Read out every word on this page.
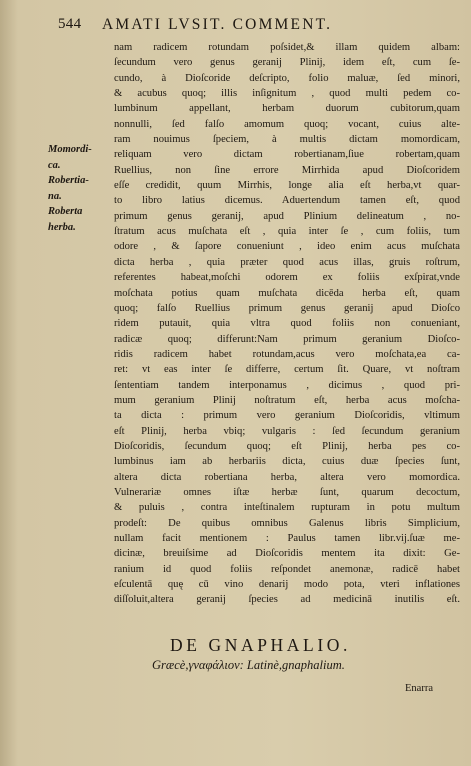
544 AMATI LVSIT. COMMENT.
Momordi-
ca.
Robertia-
na.
Roberta
herba.
nam radicem rotundam poſsidet,& illam quidem albam:
ſecundum vero genus geranij Plinij, idem eſt, cum ſe-
cundo, à Dioſcoride deſcripto, folio maluæ, ſed minori,
& acubus quoq; illis inſignitum , quod multi pedem co-
lumbinum appellant, herbam duorum cubitorum,quam
nonnulli, ſed falſo amomum quoq; vocant, cuius alte-
ram nouimus ſpeciem, à multis dictam momordicam,
reliquam vero dictam robertianam,ſiue robertam,quam
Ruellius, non ſine errore Mirrhida apud Dioſcoridem
eſſe credidit, quum Mirrhis, longe alia eſt herba,vt quar-
to libro latius dicemus. Aduertendum tamen eſt, quod
primum genus geranij, apud Plinium delineatum , no-
ſtratum acus muſchata eſt , quia inter ſe , cum foliis, tum
odore , & ſapore conueniunt , ideo enim acus muſchata
dicta herba , quia præter quod acus illas, gruis roſtrum,
referentes habeat,moſchi odorem ex foliis exſpirat,vnde
moſchata potius quam muſchata dicēda herba eſt, quam
quoq; falſo Ruellius primum genus geranij apud Dioſco
ridem putauit, quia vltra quod foliis non conueniant,
radicæ quoq; differunt:Nam primum geranium Dioſco-
ridis radicem habet rotundam,acus vero moſchata,ea ca-
ret: vt eas inter ſe differre, certum ſit. Quare, vt noſtram
ſententiam tandem interponamus , dicimus , quod pri-
mum geranium Plinij noſtratum eſt, herba acus moſcha-
ta dicta : primum vero geranium Dioſcoridis, vltimum
eſt Plinij, herba vbiq; vulgaris : ſed ſecundum geranium
Dioſcoridis, ſecundum quoq; eſt Plinij, herba pes co-
lumbinus iam ab herbariis dicta, cuius duæ ſpecies ſunt,
altera dicta robertiana herba, altera vero momordica.
Vulnerariæ omnes iſtæ herbæ ſunt, quarum decoctum,
& puluis , contra inteſtinalem rupturam in potu multum
prodeſt: De quibus omnibus Galenus libris Simplicium,
nullam facit mentionem : Paulus tamen libr.vij.ſuæ me-
dicinæ, breuiſsime ad Dioſcoridis mentem ita dixit: Ge-
ranium id quod foliis reſpondet anemonæ, radicē habet
eſculentā quę cū vino denarij modo pota, vteri inflationes
diſſoluit,altera geranij ſpecies ad medicinā inutilis eſt.
DE GNAPHALIO.
Græcè,γναφάλιον: Latinè,gnaphalium.
Enarra
